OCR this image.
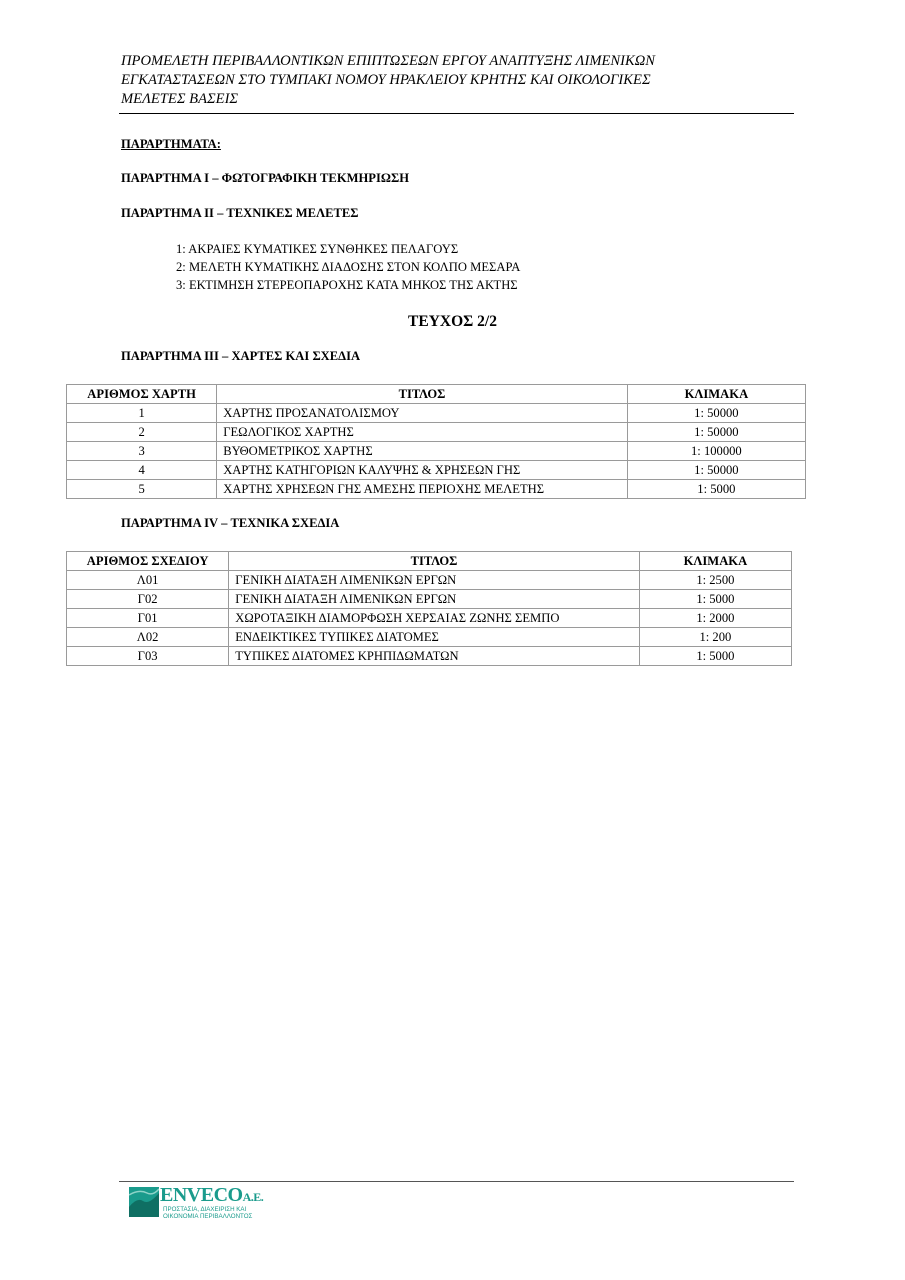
ΠΡΟΜΕΛΕΤΗ ΠΕΡΙΒΑΛΛΟΝΤΙΚΩΝ ΕΠΙΠΤΩΣΕΩΝ ΕΡΓΟΥ ΑΝΑΠΤΥΞΗΣ ΛΙΜΕΝΙΚΩΝ
ΕΓΚΑΤΑΣΤΑΣΕΩΝ ΣΤΟ ΤΥΜΠΑΚΙ ΝΟΜΟΥ ΗΡΑΚΛΕΙΟΥ ΚΡΗΤΗΣ ΚΑΙ ΟΙΚΟΛΟΓΙΚΕΣ
ΜΕΛΕΤΕΣ ΒΑΣΕΙΣ
ΠΑΡΑΡΤΗΜΑΤΑ:
ΠΑΡΑΡΤΗΜΑ Ι – ΦΩΤΟΓΡΑΦΙΚΗ ΤΕΚΜΗΡΙΩΣΗ
ΠΑΡΑΡΤΗΜΑ ΙΙ – ΤΕΧΝΙΚΕΣ ΜΕΛΕΤΕΣ
1: ΑΚΡΑΙΕΣ ΚΥΜΑΤΙΚΕΣ ΣΥΝΘΗΚΕΣ ΠΕΛΑΓΟΥΣ
2: ΜΕΛΕΤΗ ΚΥΜΑΤΙΚΗΣ ΔΙΑΔΟΣΗΣ ΣΤΟΝ ΚΟΛΠΟ ΜΕΣΑΡΑ
3: ΕΚΤΙΜΗΣΗ ΣΤΕΡΕΟΠΑΡΟΧΗΣ ΚΑΤΑ ΜΗΚΟΣ ΤΗΣ ΑΚΤΗΣ
ΤΕΥΧΟΣ 2/2
ΠΑΡΑΡΤΗΜΑ ΙΙΙ – ΧΑΡΤΕΣ ΚΑΙ ΣΧΕΔΙΑ
ΑΡΙΘΜΟΣ ΧΑΡΤΗ	ΤΙΤΛΟΣ	ΚΛΙΜΑΚΑ
1	ΧΑΡΤΗΣ ΠΡΟΣΑΝΑΤΟΛΙΣΜΟΥ	1: 50000
2	ΓΕΩΛΟΓΙΚΟΣ ΧΑΡΤΗΣ	1: 50000
3	ΒΥΘΟΜΕΤΡΙΚΟΣ ΧΑΡΤΗΣ	1: 100000
4	ΧΑΡΤΗΣ ΚΑΤΗΓΟΡΙΩΝ ΚΑΛΥΨΗΣ & ΧΡΗΣΕΩΝ ΓΗΣ	1: 50000
5	ΧΑΡΤΗΣ ΧΡΗΣΕΩΝ ΓΗΣ ΑΜΕΣΗΣ ΠΕΡΙΟΧΗΣ ΜΕΛΕΤΗΣ	1: 5000
ΠΑΡΑΡΤΗΜΑ IV – ΤΕΧΝΙΚΑ ΣΧΕΔΙΑ
ΑΡΙΘΜΟΣ ΣΧΕΔΙΟΥ	ΤΙΤΛΟΣ	ΚΛΙΜΑΚΑ
Λ01	ΓΕΝΙΚΗ ΔΙΑΤΑΞΗ ΛΙΜΕΝΙΚΩΝ ΕΡΓΩΝ	1: 2500
Γ02	ΓΕΝΙΚΗ ΔΙΑΤΑΞΗ ΛΙΜΕΝΙΚΩΝ ΕΡΓΩΝ	1: 5000
Γ01	ΧΩΡΟΤΑΞΙΚΗ ΔΙΑΜΟΡΦΩΣΗ ΧΕΡΣΑΙΑΣ ΖΩΝΗΣ ΣΕΜΠΟ	1: 2000
Λ02	ΕΝΔΕΙΚΤΙΚΕΣ ΤΥΠΙΚΕΣ ΔΙΑΤΟΜΕΣ	1: 200
Γ03	ΤΥΠΙΚΕΣ ΔΙΑΤΟΜΕΣ ΚΡΗΠΙΔΩΜΑΤΩΝ	1: 5000
ENVECOA.E.
ΠΡΟΣΤΑΣΙΑ, ΔΙΑΧΕΙΡΙΣΗ ΚΑΙ
ΟΙΚΟΝΟΜΙΑ ΠΕΡΙΒΑΛΛΟΝΤΟΣ
